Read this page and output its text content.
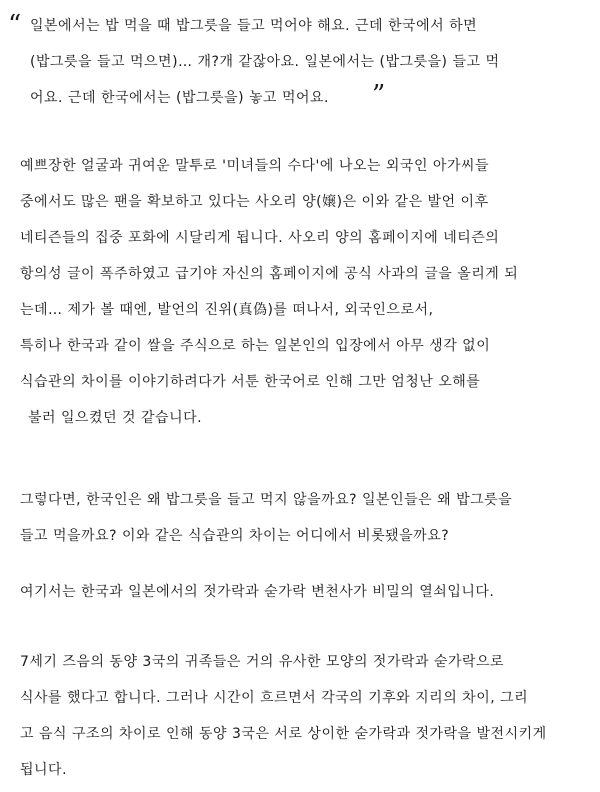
“ 일본에서는 밥 먹을 때 밥그릇을 들고 먹어야 해요. 근데 한국에서 하면
(밥그릇을 들고 먹으면)… 개?개 같잖아요. 일본에서는 (밥그릇을) 들고 먹
어요. 근데 한국에서는 (밥그릇을) 놓고 먹어요.	”
예쁘장한 얼굴과 귀여운 말투로 '미녀들의 수다'에 나오는 외국인 아가씨들
중에서도 많은 팬을 확보하고 있다는 사오리 양(嬢)은 이와 같은 발언 이후
네티즌들의 집중 포화에 시달리게 됩니다. 사오리 양의 홈페이지에 네티즌의
항의성 글이 폭주하였고 급기야 자신의 홈페이지에 공식 사과의 글을 올리게 되
는데… 제가 볼 때엔, 발언의 진위(真偽)를 떠나서, 외국인으로서,
특히나 한국과 같이 쌀을 주식으로 하는 일본인의 입장에서 아무 생각 없이
식습관의 차이를 이야기하려다가 서툰 한국어로 인해 그만 엄청난 오해를
불러 일으켰던 것 같습니다.
그렇다면, 한국인은 왜 밥그릇을 들고 먹지 않을까요? 일본인들은 왜 밥그릇을
들고 먹을까요? 이와 같은 식습관의 차이는 어디에서 비롯됐을까요?
여기서는 한국과 일본에서의 젓가락과 숟가락 변천사가 비밀의 열쇠입니다.
7세기 즈음의 동양 3국의 귀족들은 거의 유사한 모양의 젓가락과 숟가락으로
식사를 했다고 합니다. 그러나 시간이 흐르면서 각국의 기후와 지리의 차이, 그리
고 음식 구조의 차이로 인해 동양 3국은 서로 상이한 숟가락과 젓가락을 발전시키게
됩니다.
